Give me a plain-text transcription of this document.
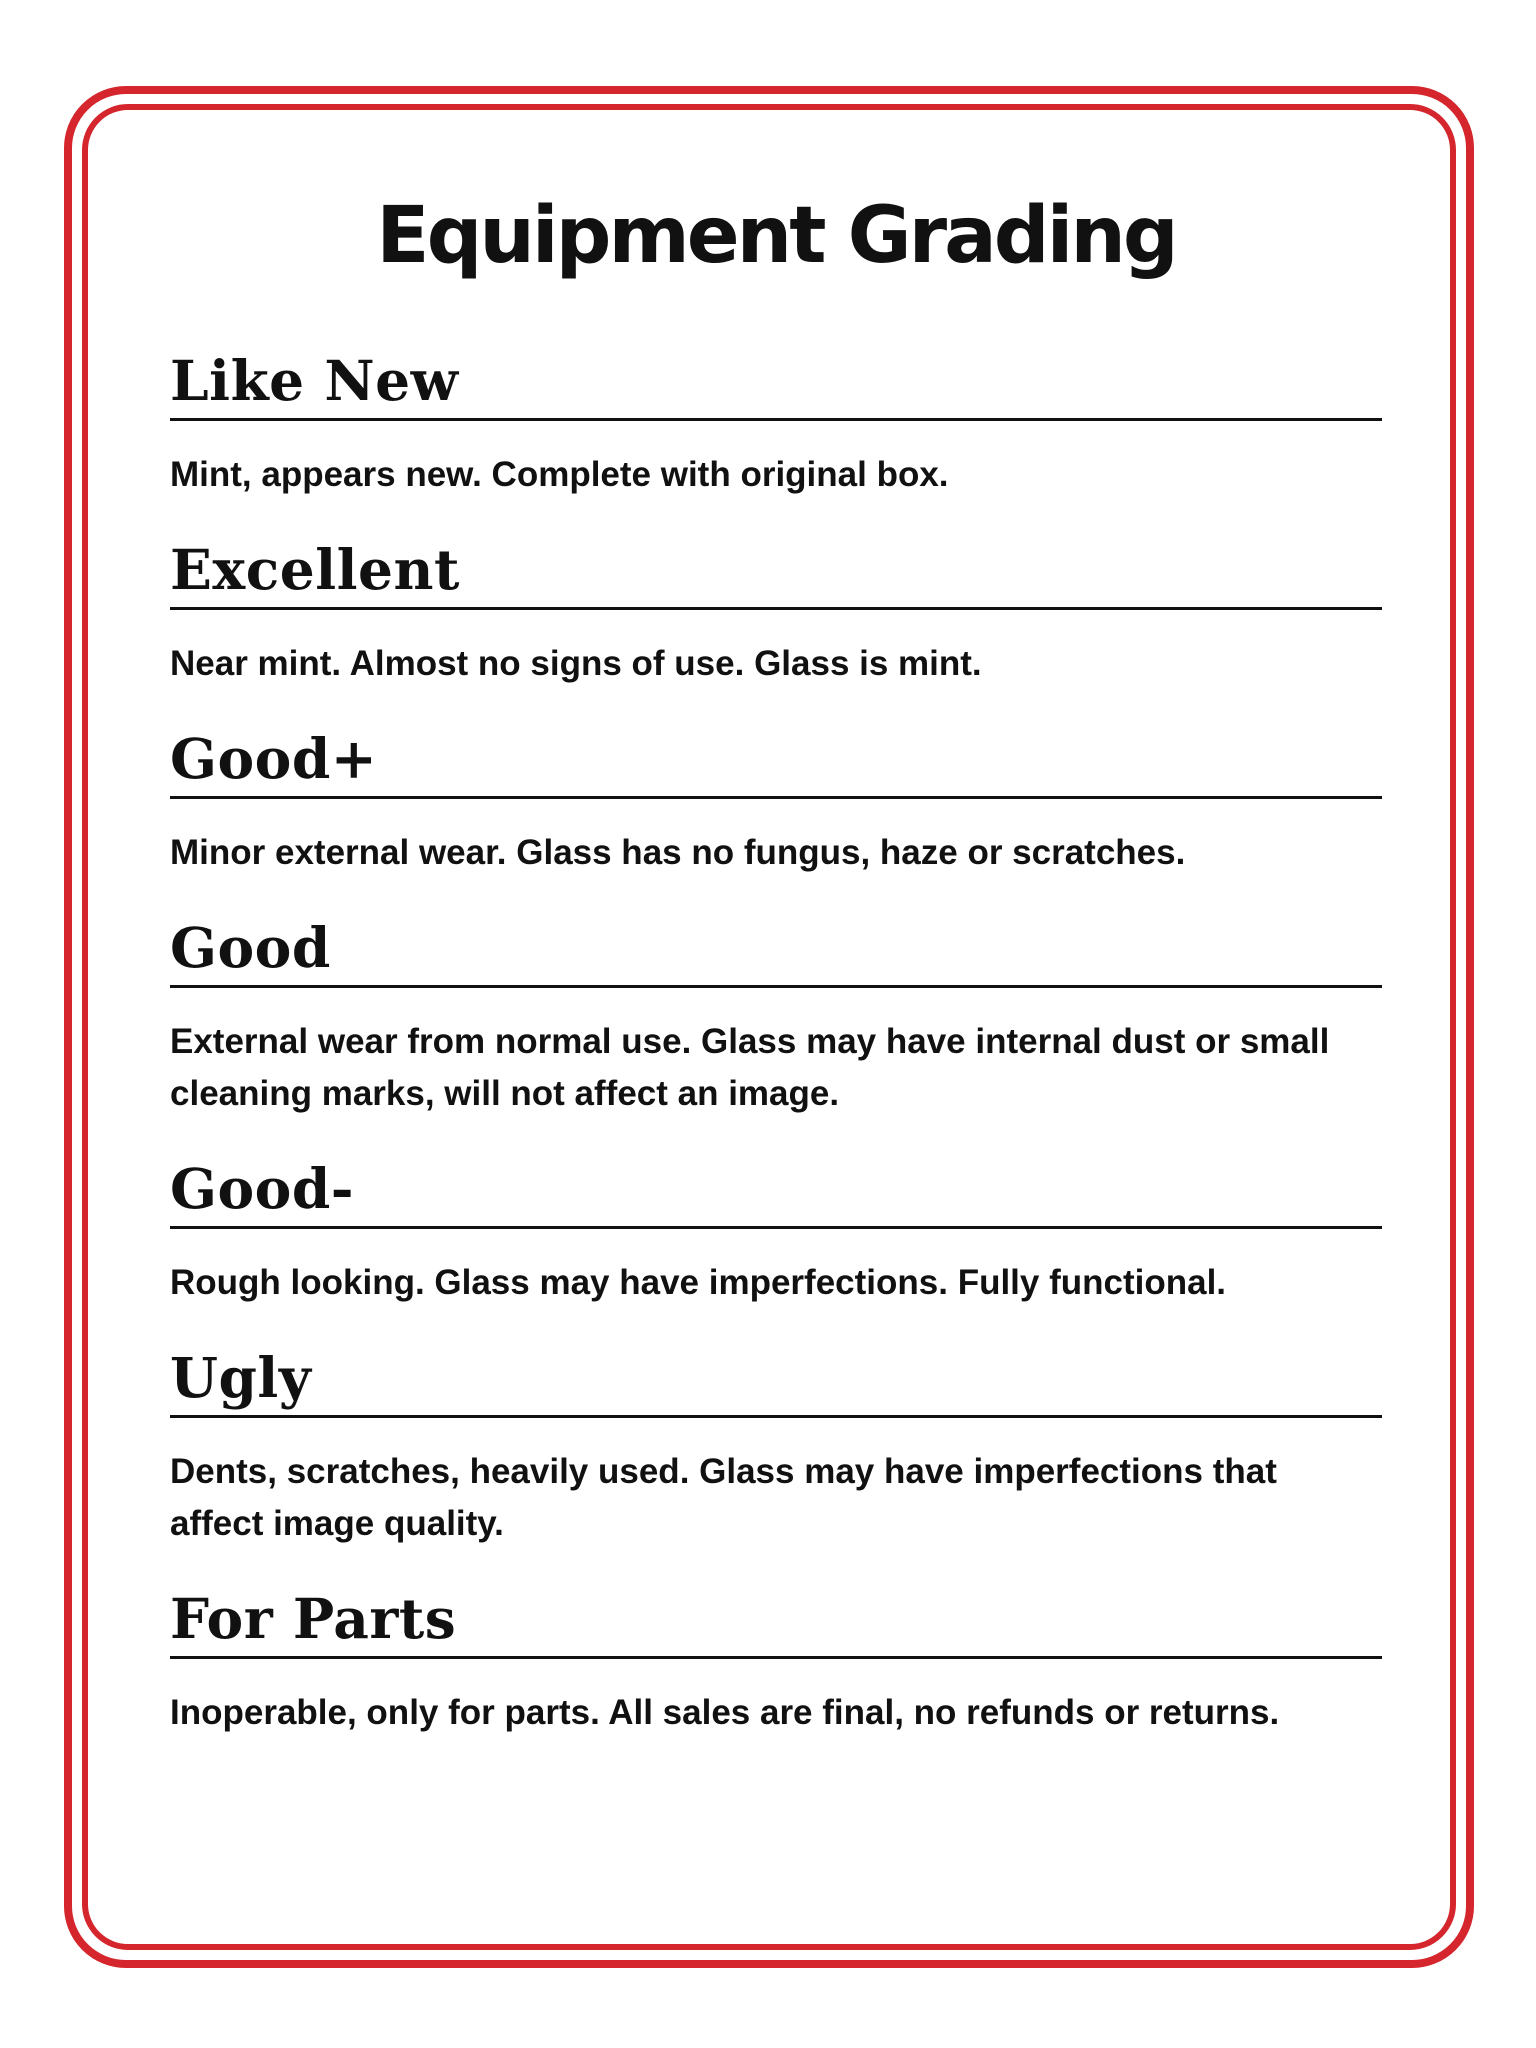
Equipment Grading
Like New
Mint, appears new. Complete with original box.
Excellent
Near mint. Almost no signs of use. Glass is mint.
Good+
Minor external wear. Glass has no fungus, haze or scratches.
Good
External wear from normal use. Glass may have internal dust or small cleaning marks, will not affect an image.
Good-
Rough looking. Glass may have imperfections. Fully functional.
Ugly
Dents, scratches, heavily used. Glass may have imperfections that affect image quality.
For Parts
Inoperable, only for parts. All sales are final, no refunds or returns.
